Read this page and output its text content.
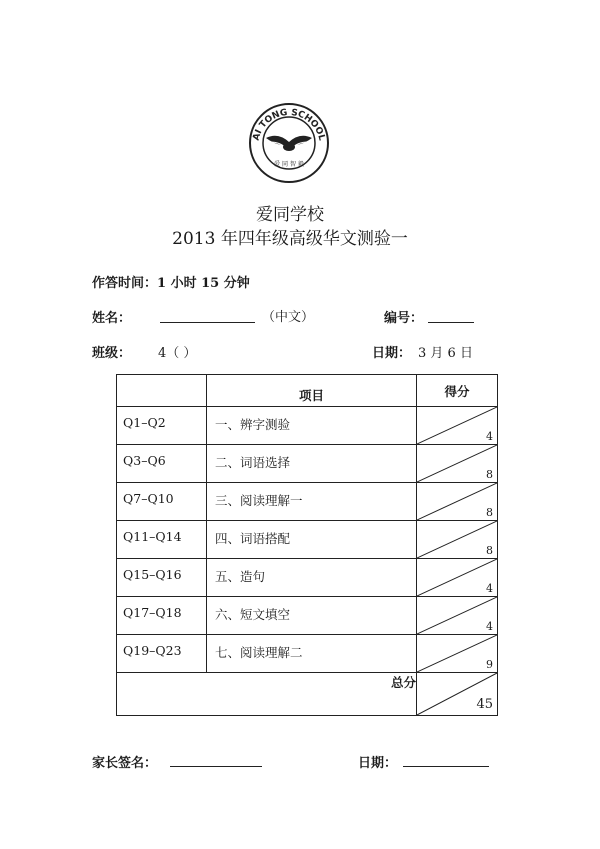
AI TONG SCHOOL
爱 同 智 毅
爱同学校
2013 年四年级高级华文测验一
作答时间：1 小时 15 分钟
姓名：	（中文）	编号：
班级： 4（ ）	日期： 3 月 6 日
	项目	得分
Q1–Q2	一、辨字测验	4

Q3–Q6	二、词语选择	8

Q7–Q10	三、阅读理解一	8

Q11–Q14	四、词语搭配	8

Q15–Q16	五、造句	4

Q17–Q18	六、短文填空	4

Q19–Q23	七、阅读理解二	9

总分		45
家长签名：	日期：
